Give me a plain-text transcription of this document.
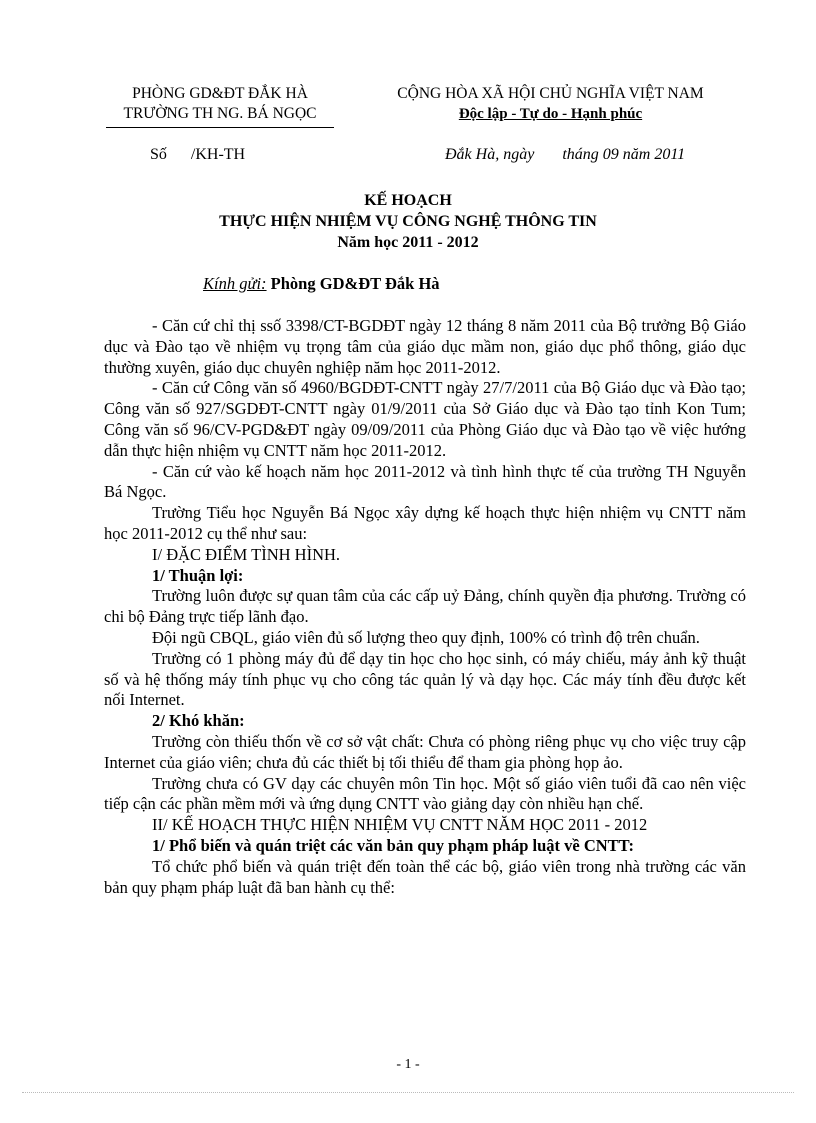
PHÒNG GD&ĐT ĐẮK HÀ
TRƯỜNG TH NG. BÁ NGỌC
CỘNG HÒA XÃ HỘI CHỦ NGHĨA VIỆT NAM
Độc lập - Tự do - Hạnh phúc
Số      /KH-TH	Đắk Hà, ngày       tháng 09 năm 2011
KẾ HOẠCH
THỰC HIỆN NHIỆM VỤ CÔNG NGHỆ THÔNG TIN
Năm học 2011 - 2012
Kính gửi: Phòng GD&ĐT Đắk Hà

- Căn cứ chỉ thị ssố 3398/CT-BGDĐT ngày 12 tháng 8 năm 2011 của Bộ trưởng Bộ Giáo dục và Đào tạo về nhiệm vụ trọng tâm của giáo dục mầm non, giáo dục phổ thông, giáo dục thường xuyên, giáo dục chuyên nghiệp năm học 2011-2012.

- Căn cứ Công văn số 4960/BGDĐT-CNTT ngày 27/7/2011 của Bộ Giáo dục và Đào tạo; Công văn số 927/SGDĐT-CNTT ngày 01/9/2011 của Sở Giáo dục và Đào tạo tỉnh Kon Tum; Công văn số 96/CV-PGD&ĐT ngày 09/09/2011 của Phòng Giáo dục và Đào tạo về việc hướng dẫn thực hiện nhiệm vụ CNTT năm học 2011-2012.

- Căn cứ vào kế hoạch năm học 2011-2012 và tình hình thực tế của trường TH Nguyễn Bá Ngọc.

Trường Tiểu học Nguyễn Bá Ngọc xây dựng kế hoạch thực hiện nhiệm vụ CNTT năm học 2011-2012 cụ thể như sau:

I/ ĐẶC ĐIỂM TÌNH HÌNH.

1/ Thuận lợi:

Trường luôn được sự quan tâm của các cấp uỷ Đảng, chính quyền địa phương. Trường có chi bộ Đảng trực tiếp lãnh đạo.

Đội ngũ CBQL, giáo viên đủ số lượng theo quy định, 100% có trình độ trên chuẩn.

Trường có 1 phòng máy đủ để dạy tin học cho học sinh, có máy chiếu, máy ảnh kỹ thuật số và hệ thống máy tính phục vụ cho công tác quản lý và dạy học. Các máy tính đều được kết nối Internet.

2/ Khó khăn:

Trường còn thiếu thốn về cơ sở vật chất: Chưa có phòng riêng phục vụ cho việc truy cập Internet của giáo viên; chưa đủ các thiết bị tối thiểu để tham gia phòng họp ảo.

Trường chưa có GV dạy các chuyên môn Tin học. Một số giáo viên tuổi đã cao nên việc tiếp cận các phần mềm mới và ứng dụng CNTT vào giảng dạy còn nhiều hạn chế.

II/ KẾ HOẠCH THỰC HIỆN NHIỆM VỤ CNTT NĂM HỌC 2011 - 2012

1/ Phổ biến và quán triệt các văn bản quy phạm pháp luật về CNTT:

Tổ chức phổ biến và quán triệt đến toàn thể các bộ, giáo viên trong nhà trường các văn bản quy phạm pháp luật đã ban hành cụ thể:

- 1 -
